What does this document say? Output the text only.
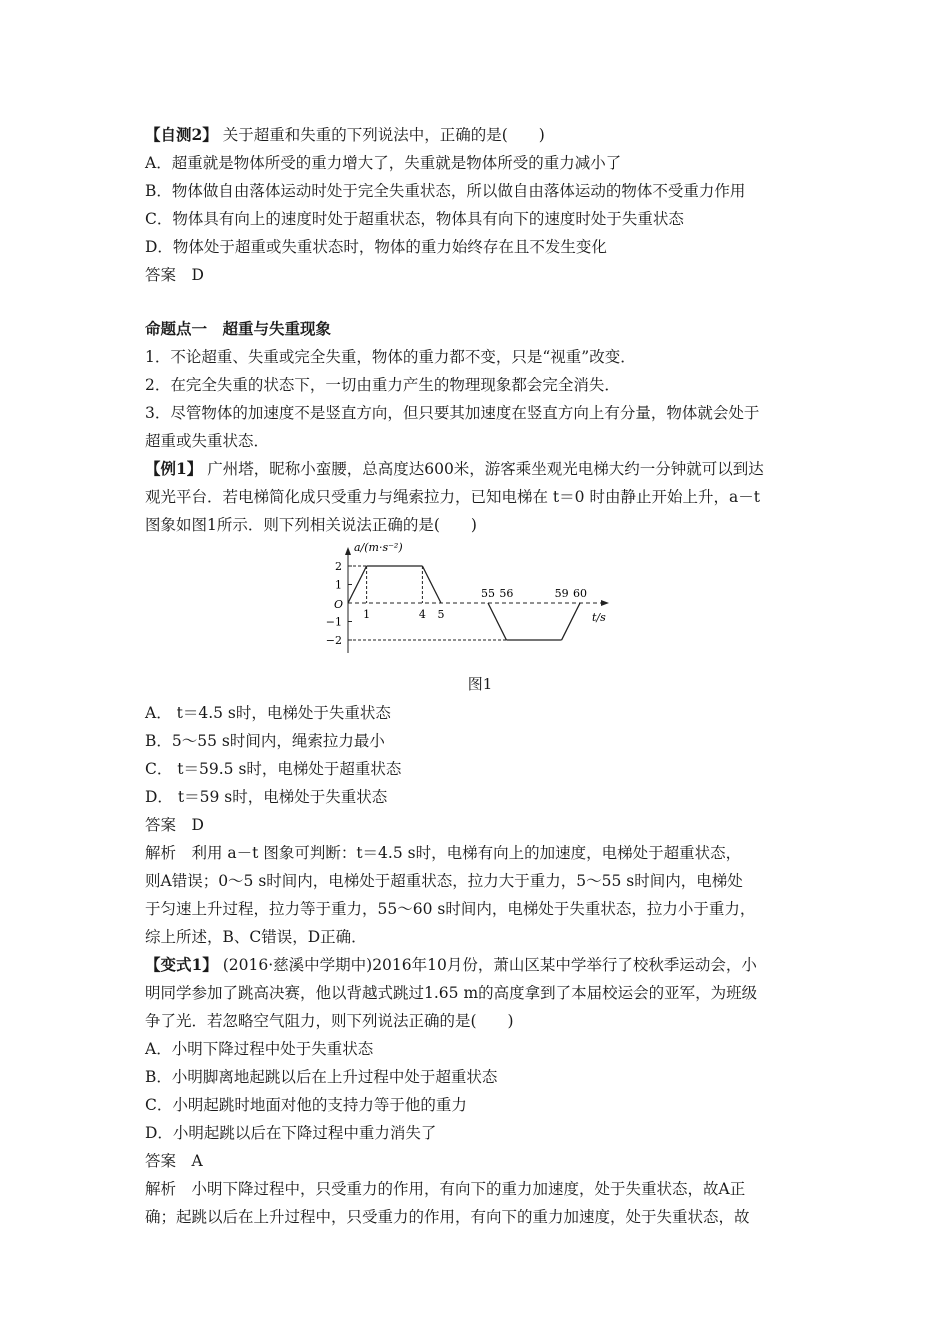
【自测2】 关于超重和失重的下列说法中，正确的是(　　)
A．超重就是物体所受的重力增大了，失重就是物体所受的重力减小了
B．物体做自由落体运动时处于完全失重状态，所以做自由落体运动的物体不受重力作用
C．物体具有向上的速度时处于超重状态，物体具有向下的速度时处于失重状态
D．物体处于超重或失重状态时，物体的重力始终存在且不发生变化
答案　D
命题点一　超重与失重现象
1．不论超重、失重或完全失重，物体的重力都不变，只是“视重”改变．
2．在完全失重的状态下，一切由重力产生的物理现象都会完全消失．
3．尽管物体的加速度不是竖直方向，但只要其加速度在竖直方向上有分量，物体就会处于
超重或失重状态．
【例1】 广州塔，昵称小蛮腰，总高度达600米，游客乘坐观光电梯大约一分钟就可以到达
观光平台．若电梯简化成只受重力与绳索拉力，已知电梯在 t＝0 时由静止开始上升，a－t
图象如图1所示．则下列相关说法正确的是(　　)
a/(m·s⁻²)
t/s
O
2
1
−1
−2
1	4 5
55 56	59 60
图1
A． t＝4.5 s时，电梯处于失重状态
B．5～55 s时间内，绳索拉力最小
C． t＝59.5 s时，电梯处于超重状态
D． t＝59 s时，电梯处于失重状态
答案　D
解析　利用 a－t 图象可判断：t＝4.5 s时，电梯有向上的加速度，电梯处于超重状态，
则A错误；0～5 s时间内，电梯处于超重状态，拉力大于重力，5～55 s时间内，电梯处
于匀速上升过程，拉力等于重力，55～60 s时间内，电梯处于失重状态，拉力小于重力，
综上所述，B、C错误，D正确．
【变式1】 (2016·慈溪中学期中)2016年10月份，萧山区某中学举行了校秋季运动会，小
明同学参加了跳高决赛，他以背越式跳过1.65 m的高度拿到了本届校运会的亚军，为班级
争了光．若忽略空气阻力，则下列说法正确的是(　　)
A．小明下降过程中处于失重状态
B．小明脚离地起跳以后在上升过程中处于超重状态
C．小明起跳时地面对他的支持力等于他的重力
D．小明起跳以后在下降过程中重力消失了
答案　A
解析　小明下降过程中，只受重力的作用，有向下的重力加速度，处于失重状态，故A正
确；起跳以后在上升过程中，只受重力的作用，有向下的重力加速度，处于失重状态，故
